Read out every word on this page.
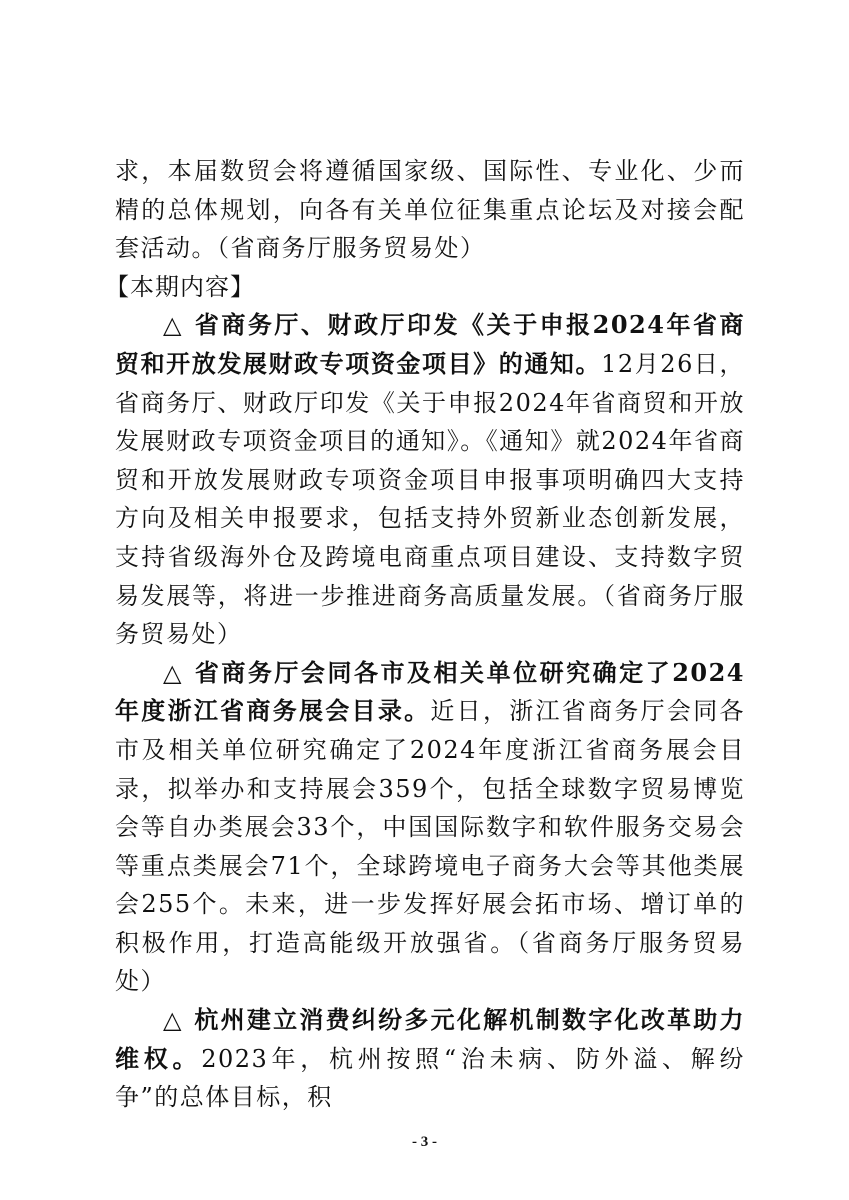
求，本届数贸会将遵循国家级、国际性、专业化、少而精的总体规划，向各有关单位征集重点论坛及对接会配套活动。（省商务厅服务贸易处）

【本期内容】

△ 省商务厅、财政厅印发《关于申报2024年省商贸和开放发展财政专项资金项目》的通知。12月26日，省商务厅、财政厅印发《关于申报2024年省商贸和开放发展财政专项资金项目的通知》。《通知》就2024年省商贸和开放发展财政专项资金项目申报事项明确四大支持方向及相关申报要求，包括支持外贸新业态创新发展，支持省级海外仓及跨境电商重点项目建设、支持数字贸易发展等，将进一步推进商务高质量发展。（省商务厅服务贸易处）

△ 省商务厅会同各市及相关单位研究确定了2024年度浙江省商务展会目录。近日，浙江省商务厅会同各市及相关单位研究确定了2024年度浙江省商务展会目录，拟举办和支持展会359个，包括全球数字贸易博览会等自办类展会33个，中国国际数字和软件服务交易会等重点类展会71个，全球跨境电子商务大会等其他类展会255个。未来，进一步发挥好展会拓市场、增订单的积极作用，打造高能级开放强省。（省商务厅服务贸易处）

△ 杭州建立消费纠纷多元化解机制数字化改革助力维权。2023年，杭州按照“治未病、防外溢、解纷争”的总体目标，积

- 3 -
